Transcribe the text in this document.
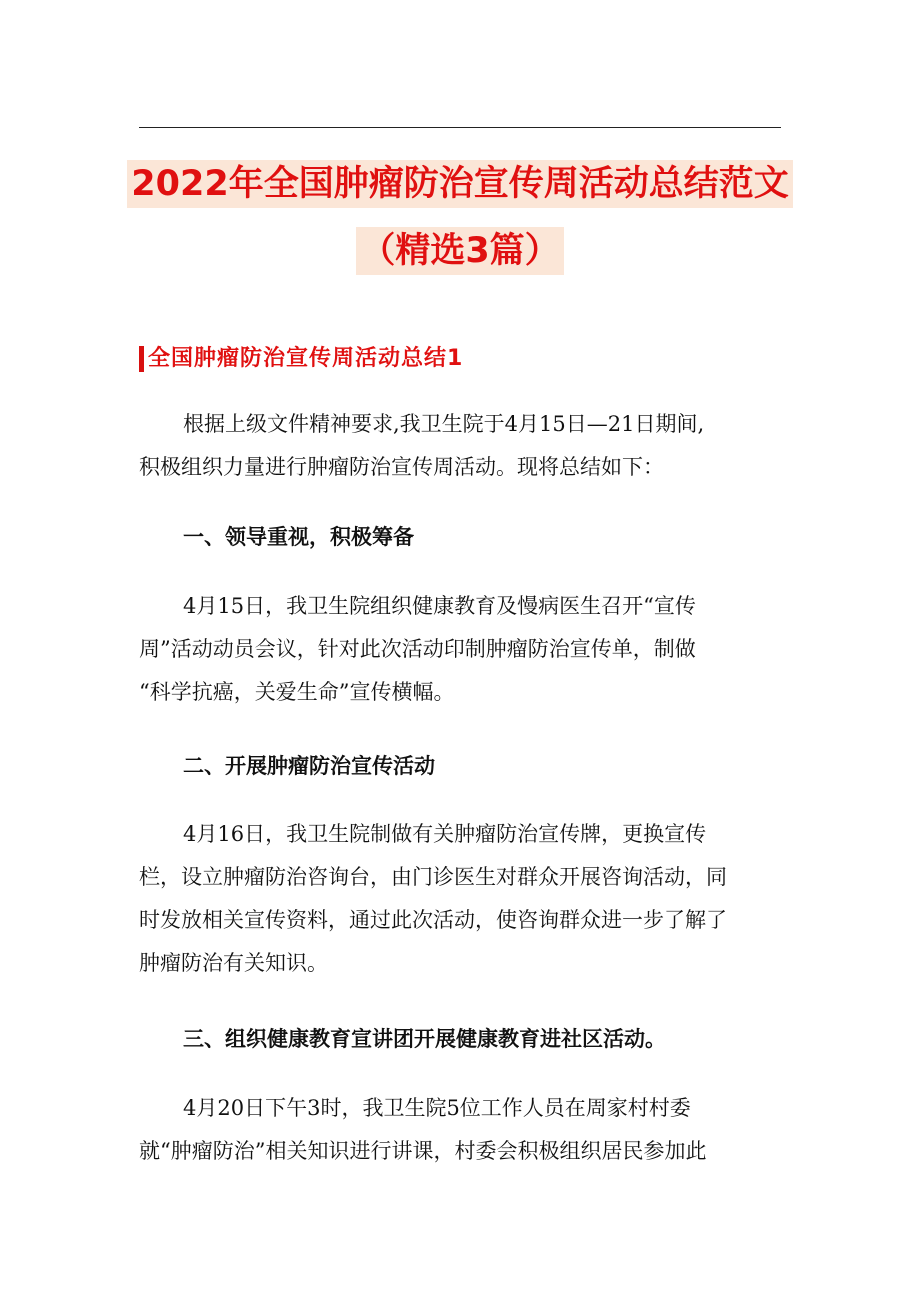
2022年全国肿瘤防治宣传周活动总结范文
（精选3篇）
全国肿瘤防治宣传周活动总结1
根据上级文件精神要求,我卫生院于4月15日—21日期间,
积极组织力量进行肿瘤防治宣传周活动。现将总结如下：
一、领导重视，积极筹备
4月15日，我卫生院组织健康教育及慢病医生召开“宣传
周”活动动员会议，针对此次活动印制肿瘤防治宣传单，制做
“科学抗癌，关爱生命”宣传横幅。
二、开展肿瘤防治宣传活动
4月16日，我卫生院制做有关肿瘤防治宣传牌，更换宣传
栏，设立肿瘤防治咨询台，由门诊医生对群众开展咨询活动，同
时发放相关宣传资料，通过此次活动，使咨询群众进一步了解了
肿瘤防治有关知识。
三、组织健康教育宣讲团开展健康教育进社区活动。
4月20日下午3时，我卫生院5位工作人员在周家村村委
就“肿瘤防治”相关知识进行讲课，村委会积极组织居民参加此
